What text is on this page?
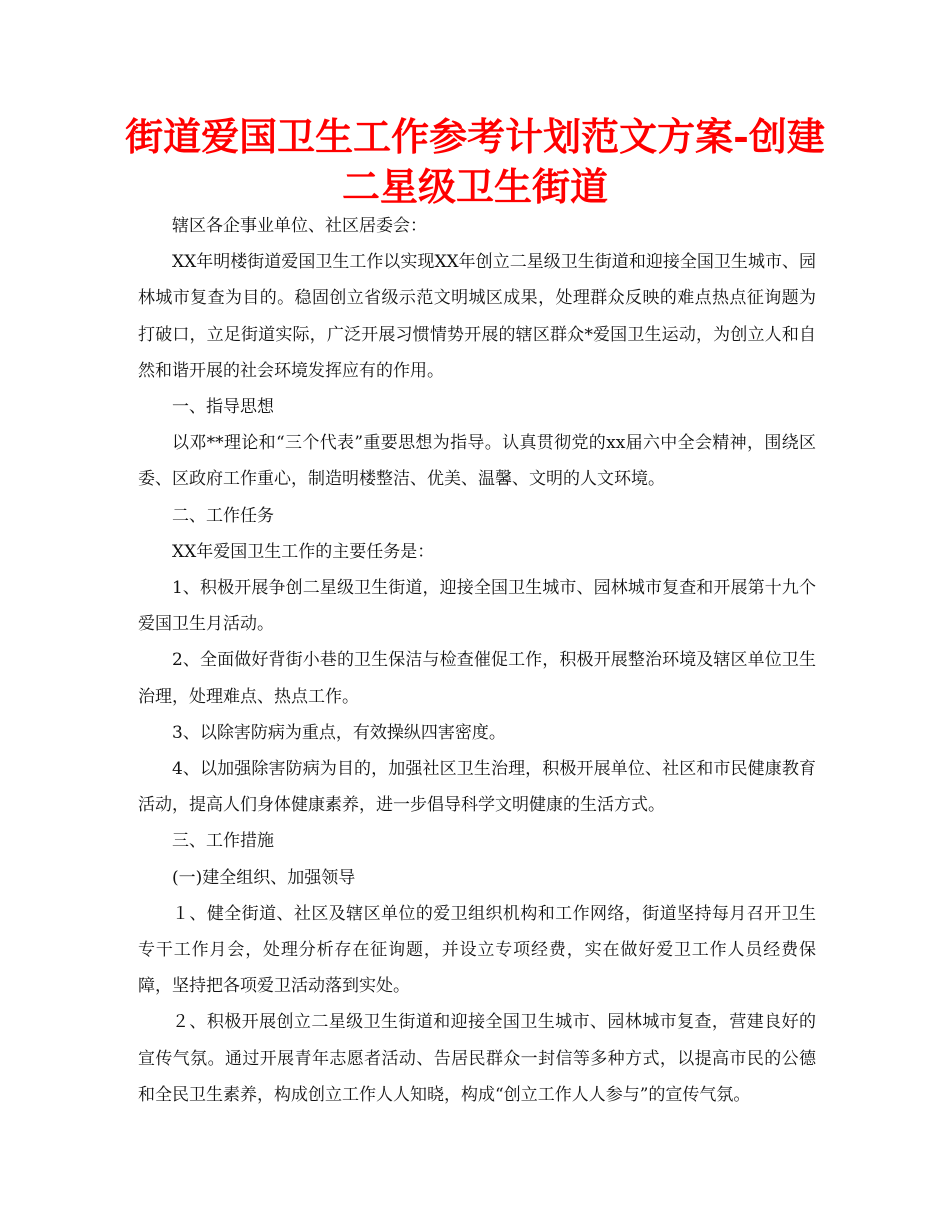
街道爱国卫生工作参考计划范文方案-创建二星级卫生街道

辖区各企事业单位、社区居委会：

XX年明楼街道爱国卫生工作以实现XX年创立二星级卫生街道和迎接全国卫生城市、园林城市复查为目的。稳固创立省级示范文明城区成果，处理群众反映的难点热点征询题为打破口，立足街道实际，广泛开展习惯情势开展的辖区群众*爱国卫生运动，为创立人和自然和谐开展的社会环境发挥应有的作用。

一、指导思想

以邓**理论和“三个代表”重要思想为指导。认真贯彻党的xx届六中全会精神，围绕区委、区政府工作重心，制造明楼整洁、优美、温馨、文明的人文环境。

二、工作任务

XX年爱国卫生工作的主要任务是：

1、积极开展争创二星级卫生街道，迎接全国卫生城市、园林城市复查和开展第十九个爱国卫生月活动。

2、全面做好背街小巷的卫生保洁与检查催促工作，积极开展整治环境及辖区单位卫生治理，处理难点、热点工作。

3、以除害防病为重点，有效操纵四害密度。

4、以加强除害防病为目的，加强社区卫生治理，积极开展单位、社区和市民健康教育活动，提高人们身体健康素养，进一步倡导科学文明健康的生活方式。

三、工作措施

(一)建全组织、加强领导

１、健全街道、社区及辖区单位的爱卫组织机构和工作网络，街道坚持每月召开卫生专干工作月会，处理分析存在征询题，并设立专项经费，实在做好爱卫工作人员经费保障，坚持把各项爱卫活动落到实处。

２、积极开展创立二星级卫生街道和迎接全国卫生城市、园林城市复查，营建良好的宣传气氛。通过开展青年志愿者活动、告居民群众一封信等多种方式，以提高市民的公德和全民卫生素养，构成创立工作人人知晓，构成“创立工作人人参与”的宣传气氛。
